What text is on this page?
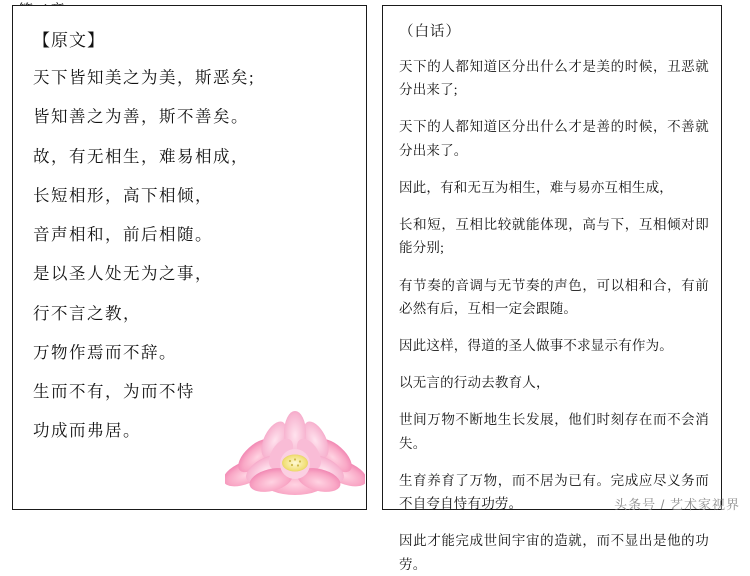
【原文】

天下皆知美之为美，斯恶矣;

皆知善之为善，斯不善矣。

故，有无相生，难易相成，

长短相形，高下相倾，

音声相和，前后相随。

是以圣人处无为之事，

行不言之教，

万物作焉而不辞。

生而不有，为而不恃

功成而弗居。

（白话）

天下的人都知道区分出什么才是美的时候，丑恶就分出来了;

天下的人都知道区分出什么才是善的时候，不善就分出来了。

因此，有和无互为相生，难与易亦互相生成，

长和短，互相比较就能体现，高与下，互相倾对即能分别;

有节奏的音调与无节奏的声色，可以相和合，有前必然有后，互相一定会跟随。

因此这样，得道的圣人做事不求显示有作为。

以无言的行动去教育人，

世间万物不断地生长发展，他们时刻存在而不会消失。

生育养育了万物，而不居为已有。完成应尽义务而不自夸自恃有功劳。

因此才能完成世间宇宙的造就，而不显出是他的功劳。

头条号 / 艺术家视界
